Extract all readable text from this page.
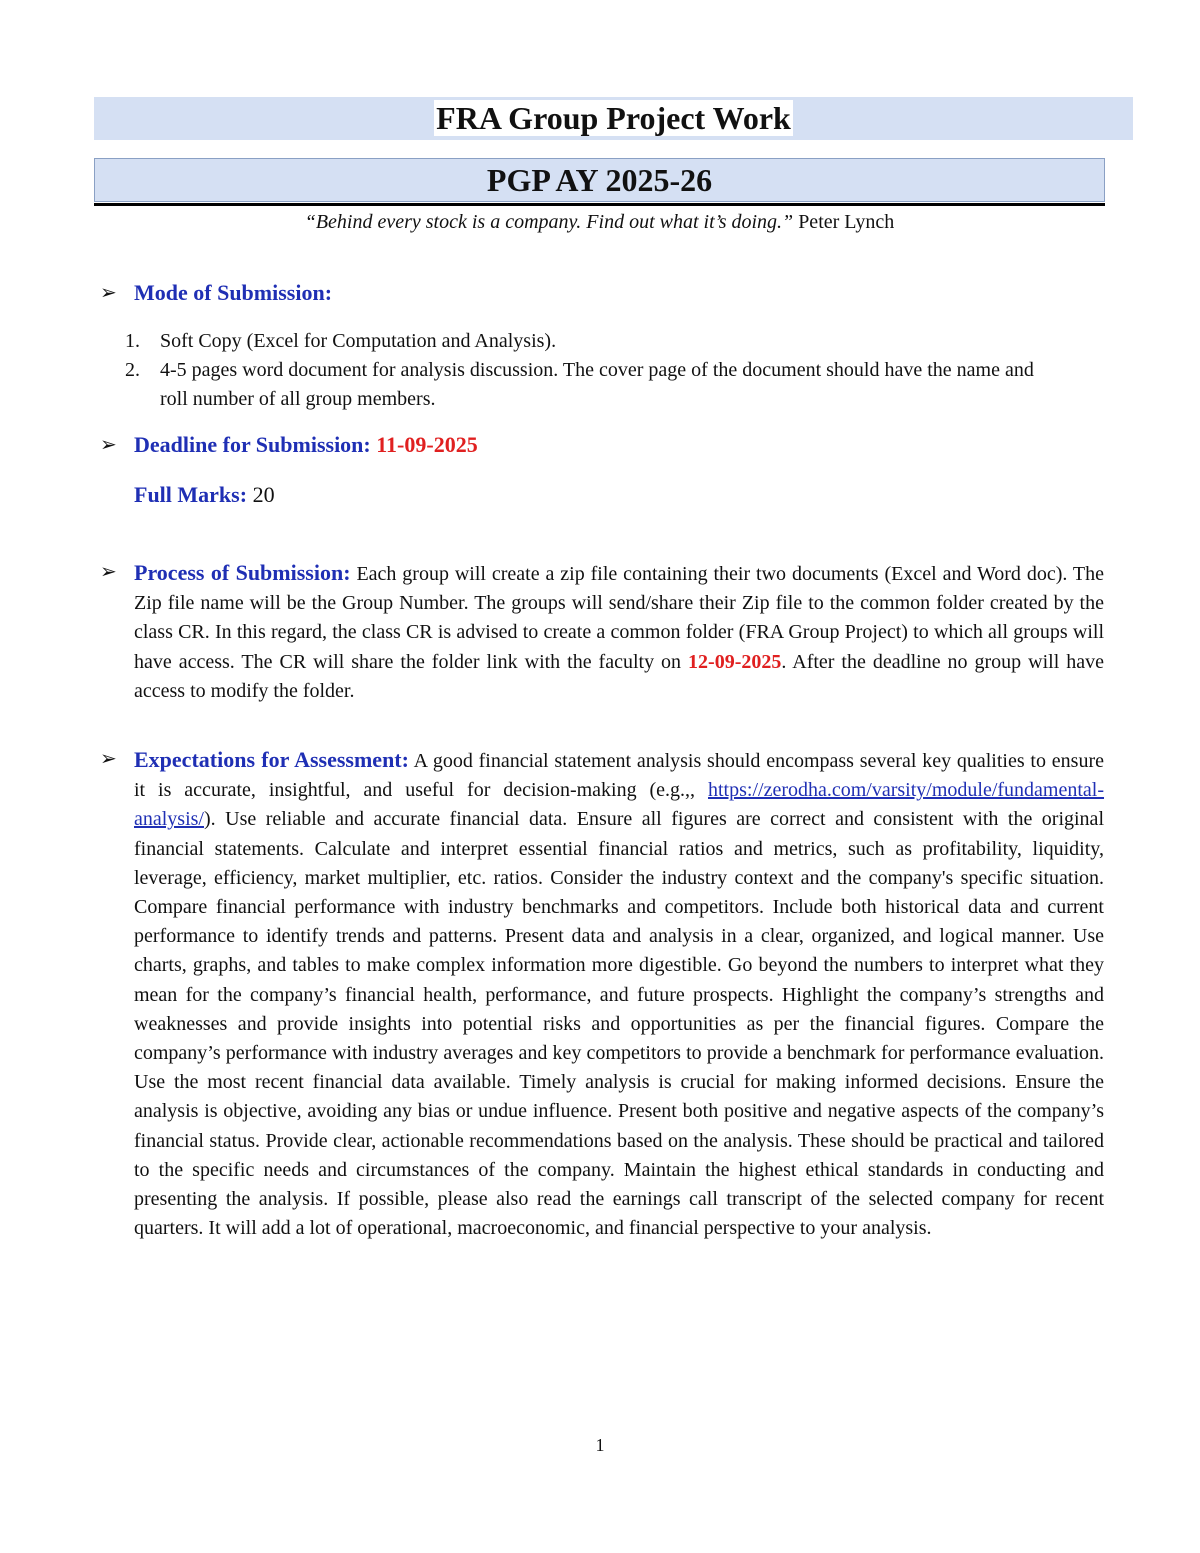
FRA Group Project Work
PGP AY 2025-26
“Behind every stock is a company. Find out what it’s doing.” Peter Lynch
➢ Mode of Submission:
1. Soft Copy (Excel for Computation and Analysis).
2. 4-5 pages word document for analysis discussion. The cover page of the document should have the name and roll number of all group members.
➢ Deadline for Submission: 11-09-2025
Full Marks: 20
➢ Process of Submission: Each group will create a zip file containing their two documents (Excel and Word doc). The Zip file name will be the Group Number. The groups will send/share their Zip file to the common folder created by the class CR. In this regard, the class CR is advised to create a common folder (FRA Group Project) to which all groups will have access. The CR will share the folder link with the faculty on 12-09-2025. After the deadline no group will have access to modify the folder.
➢ Expectations for Assessment: A good financial statement analysis should encompass several key qualities to ensure it is accurate, insightful, and useful for decision-making (e.g.,, https://zerodha.com/varsity/module/fundamental-analysis/). Use reliable and accurate financial data. Ensure all figures are correct and consistent with the original financial statements. Calculate and interpret essential financial ratios and metrics, such as profitability, liquidity, leverage, efficiency, market multiplier, etc. ratios. Consider the industry context and the company's specific situation. Compare financial performance with industry benchmarks and competitors. Include both historical data and current performance to identify trends and patterns. Present data and analysis in a clear, organized, and logical manner. Use charts, graphs, and tables to make complex information more digestible. Go beyond the numbers to interpret what they mean for the company’s financial health, performance, and future prospects. Highlight the company’s strengths and weaknesses and provide insights into potential risks and opportunities as per the financial figures. Compare the company’s performance with industry averages and key competitors to provide a benchmark for performance evaluation. Use the most recent financial data available. Timely analysis is crucial for making informed decisions. Ensure the analysis is objective, avoiding any bias or undue influence. Present both positive and negative aspects of the company’s financial status. Provide clear, actionable recommendations based on the analysis. These should be practical and tailored to the specific needs and circumstances of the company. Maintain the highest ethical standards in conducting and presenting the analysis. If possible, please also read the earnings call transcript of the selected company for recent quarters. It will add a lot of operational, macroeconomic, and financial perspective to your analysis.
1
